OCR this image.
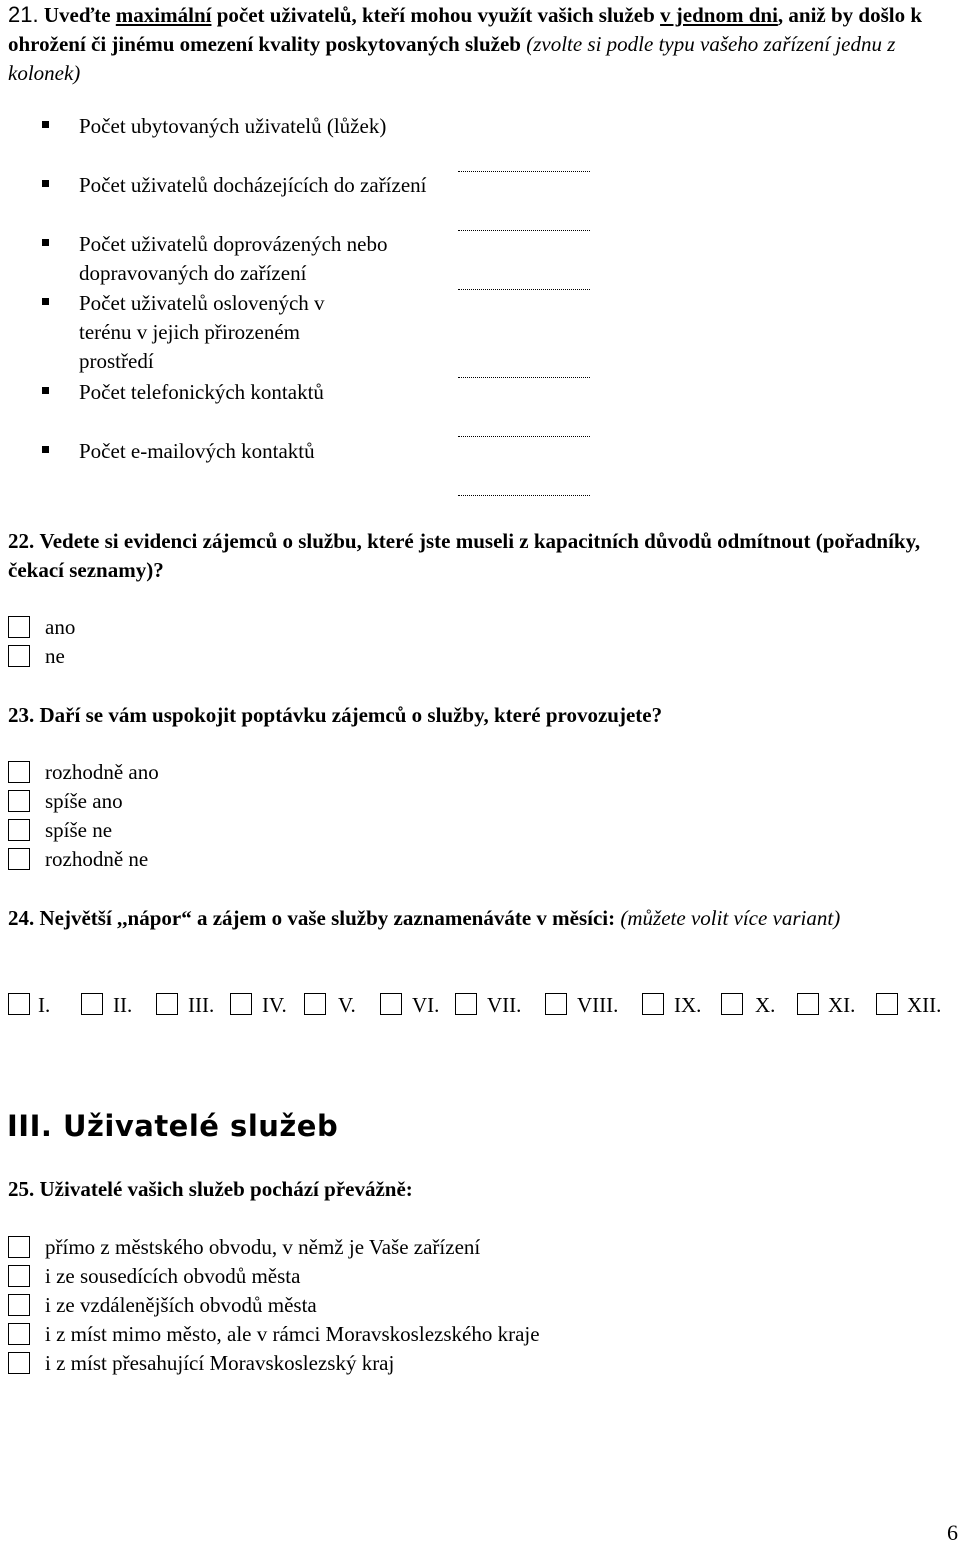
21. Uveďte maximální počet uživatelů, kteří mohou využít vašich služeb v jednom dni, aniž by došlo k ohrožení či jinému omezení kvality poskytovaných služeb (zvolte si podle typu vašeho zařízení jednu z kolonek)
Počet ubytovaných uživatelů (lůžek)
Počet uživatelů docházejících do zařízení
Počet uživatelů doprovázených nebo dopravovaných do zařízení
Počet uživatelů oslovených v terénu v jejich přirozeném prostředí
Počet telefonických kontaktů
Počet e-mailových kontaktů
22. Vedete si evidenci zájemců o službu, které jste museli z kapacitních důvodů odmítnout (pořadníky, čekací seznamy)?
ano
ne
23. Daří se vám uspokojit poptávku zájemců o služby, které provozujete?
rozhodně ano
spíše ano
spíše ne
rozhodně ne
24. Největší ,,nápor“ a zájem o vaše služby zaznamenáváte v měsíci: (můžete volit více variant)
I.	II.	III. IV. V.	VI. VII.	VIII.	IX.	X.	XI. XII.
III. Uživatelé služeb
25. Uživatelé vašich služeb pochází převážně:
přímo z městského obvodu, v němž je Vaše zařízení
i ze sousedících obvodů města
i ze vzdálenějších obvodů města
i z míst mimo město, ale v rámci Moravskoslezského kraje
i z míst přesahující Moravskoslezský kraj
6
